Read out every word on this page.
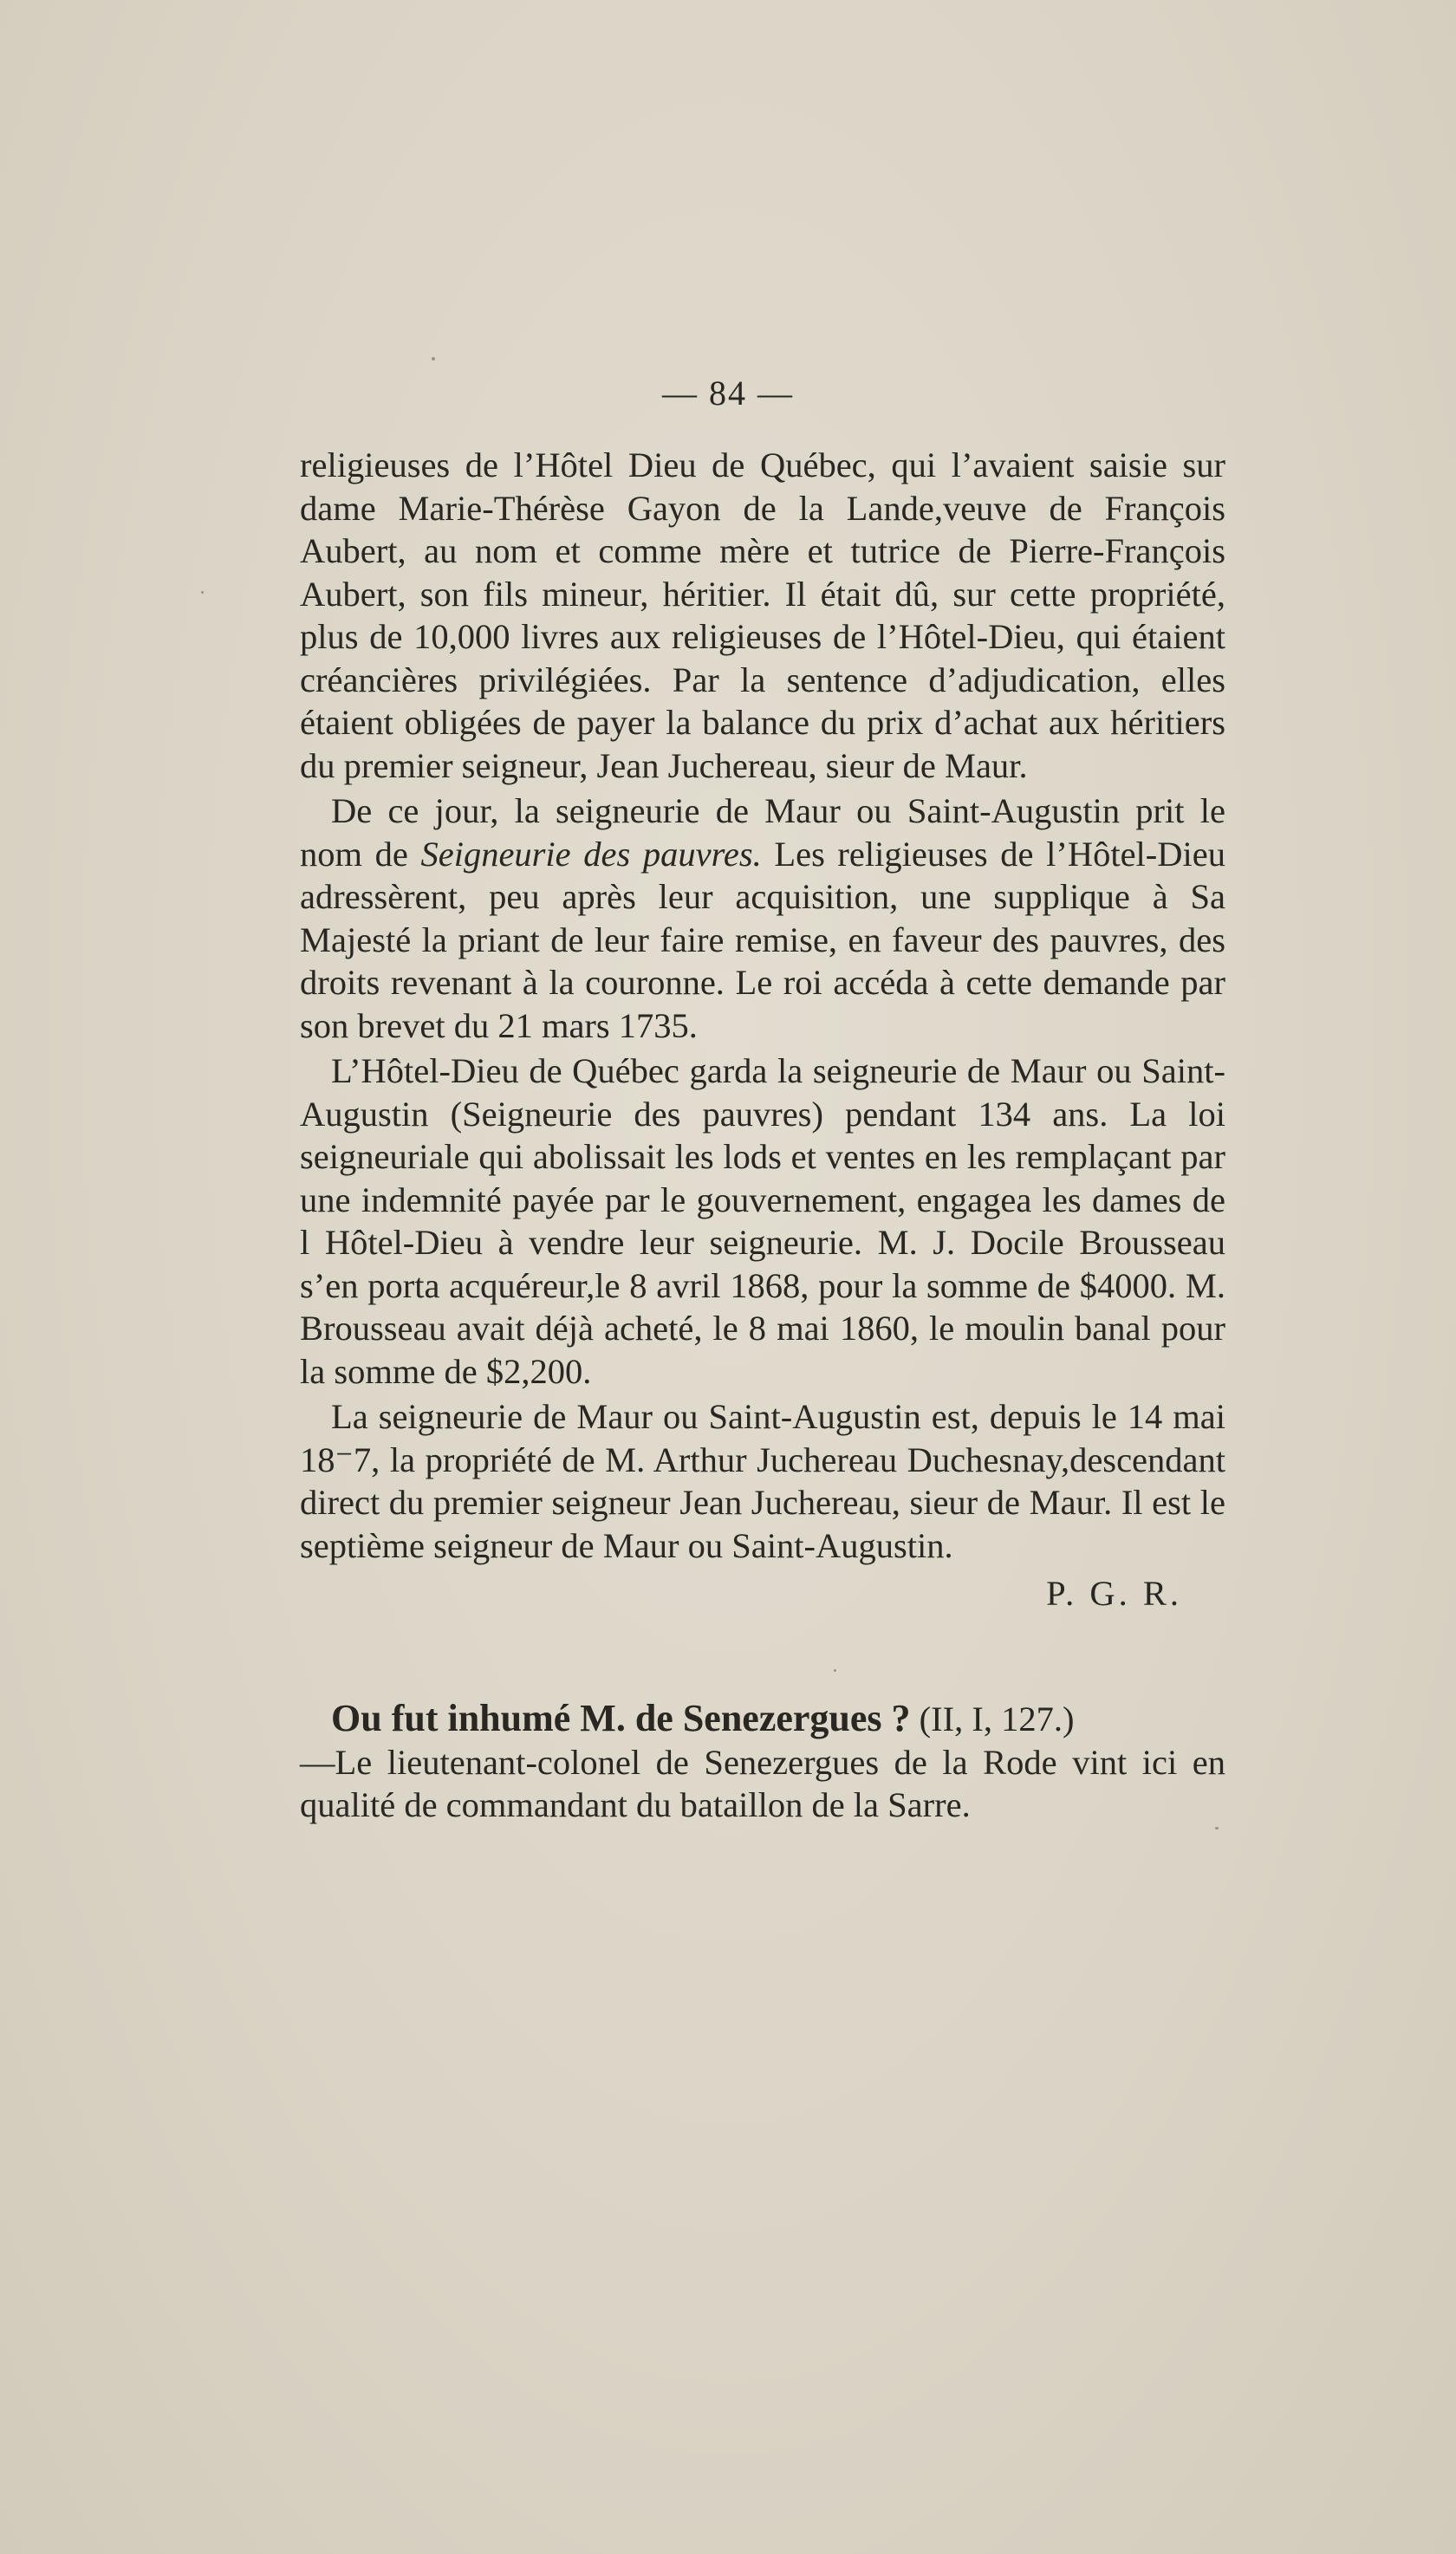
— 84 —

religieuses de l’Hôtel Dieu de Québec, qui l’avaient saisie sur dame Marie-Thérèse Gayon de la Lande,veuve de François Aubert, au nom et comme mère et tutrice de Pierre-François Aubert, son fils mineur, héritier. Il était dû, sur cette propriété, plus de 10,000 livres aux religieuses de l’Hôtel-Dieu, qui étaient créancières privilégiées. Par la sentence d’adjudication, elles étaient obligées de payer la balance du prix d’achat aux héritiers du premier seigneur, Jean Juchereau, sieur de Maur.

De ce jour, la seigneurie de Maur ou Saint-Augustin prit le nom de Seigneurie des pauvres. Les religieuses de l’Hôtel-Dieu adressèrent, peu après leur acquisition, une supplique à Sa Majesté la priant de leur faire remise, en faveur des pauvres, des droits revenant à la couronne. Le roi accéda à cette demande par son brevet du 21 mars 1735.

L’Hôtel-Dieu de Québec garda la seigneurie de Maur ou Saint-Augustin (Seigneurie des pauvres) pendant 134 ans. La loi seigneuriale qui abolissait les lods et ventes en les remplaçant par une indemnité payée par le gouvernement, engagea les dames de l Hôtel-Dieu à vendre leur seigneurie. M. J. Docile Brousseau s’en porta acquéreur,le 8 avril 1868, pour la somme de $4000. M. Brousseau avait déjà acheté, le 8 mai 1860, le moulin banal pour la somme de $2,200.

La seigneurie de Maur ou Saint-Augustin est, depuis le 14 mai 18⁻7, la propriété de M. Arthur Juchereau Duchesnay,descendant direct du premier seigneur Jean Juchereau, sieur de Maur. Il est le septième seigneur de Maur ou Saint-Augustin.

P. G. R.

Ou fut inhumé M. de Senezergues ? (II, I, 127.)

—Le lieutenant-colonel de Senezergues de la Rode vint ici en qualité de commandant du bataillon de la Sarre.
